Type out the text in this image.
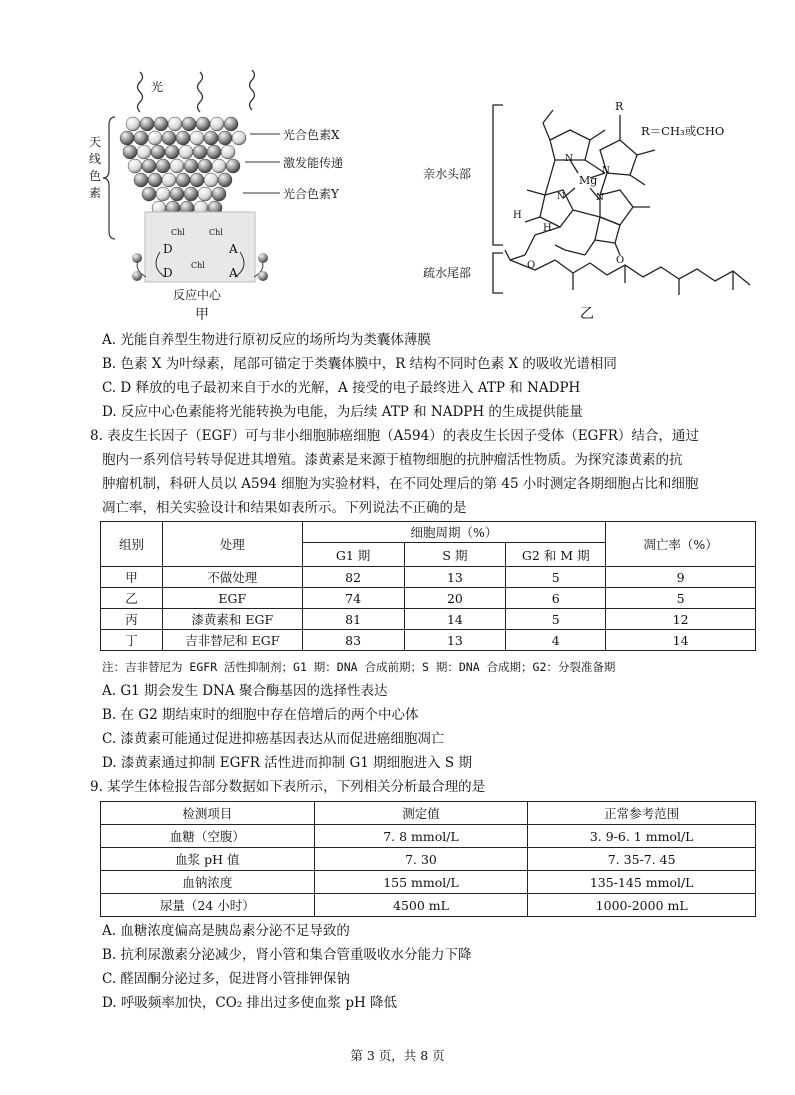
光
天线色素
光合色素X
激发能传递
光合色素Y
Chl	Chl
Chl
D
D
A
A
反应中心
甲
R
R＝CH₃或CHO
Mg
N
N
N
N
H
H
O
O
亲水头部
疏水尾部
乙
A. 光能自养型生物进行原初反应的场所均为类囊体薄膜
B. 色素 X 为叶绿素，尾部可锚定于类囊体膜中，R 结构不同时色素 X 的吸收光谱相同
C. D 释放的电子最初来自于水的光解，A 接受的电子最终进入 ATP 和 NADPH
D. 反应中心色素能将光能转换为电能，为后续 ATP 和 NADPH 的生成提供能量
8. 表皮生长因子（EGF）可与非小细胞肺癌细胞（A594）的表皮生长因子受体（EGFR）结合，通过
胞内一系列信号转导促进其增殖。漆黄素是来源于植物细胞的抗肿瘤活性物质。为探究漆黄素的抗
肿瘤机制，科研人员以 A594 细胞为实验材料，在不同处理后的第 45 小时测定各期细胞占比和细胞
凋亡率，相关实验设计和结果如表所示。下列说法不正确的是
组别	处理	细胞周期（%）			凋亡率（%）
		G1 期	S 期	G2 和 M 期	
甲	不做处理	82	13	5	9
乙	EGF	74	20	6	5
丙	漆黄素和 EGF	81	14	5	12
丁	吉非替尼和 EGF	83	13	4	14
注：吉非替尼为 EGFR 活性抑制剂；G1 期：DNA 合成前期；S 期：DNA 合成期；G2：分裂准备期
A. G1 期会发生 DNA 聚合酶基因的选择性表达
B. 在 G2 期结束时的细胞中存在倍增后的两个中心体
C. 漆黄素可能通过促进抑癌基因表达从而促进癌细胞凋亡
D. 漆黄素通过抑制 EGFR 活性进而抑制 G1 期细胞进入 S 期
9. 某学生体检报告部分数据如下表所示，下列相关分析最合理的是
检测项目	测定值	正常参考范围
血糖（空腹）	7. 8 mmol/L	3. 9-6. 1 mmol/L
血浆 pH 值	7. 30	7. 35-7. 45
血钠浓度	155 mmol/L	135-145 mmol/L
尿量（24 小时）	4500 mL	1000-2000 mL
A. 血糖浓度偏高是胰岛素分泌不足导致的
B. 抗利尿激素分泌减少，肾小管和集合管重吸收水分能力下降
C. 醛固酮分泌过多，促进肾小管排钾保钠
D. 呼吸频率加快，CO₂ 排出过多使血浆 pH 降低
第 3 页，共 8 页
